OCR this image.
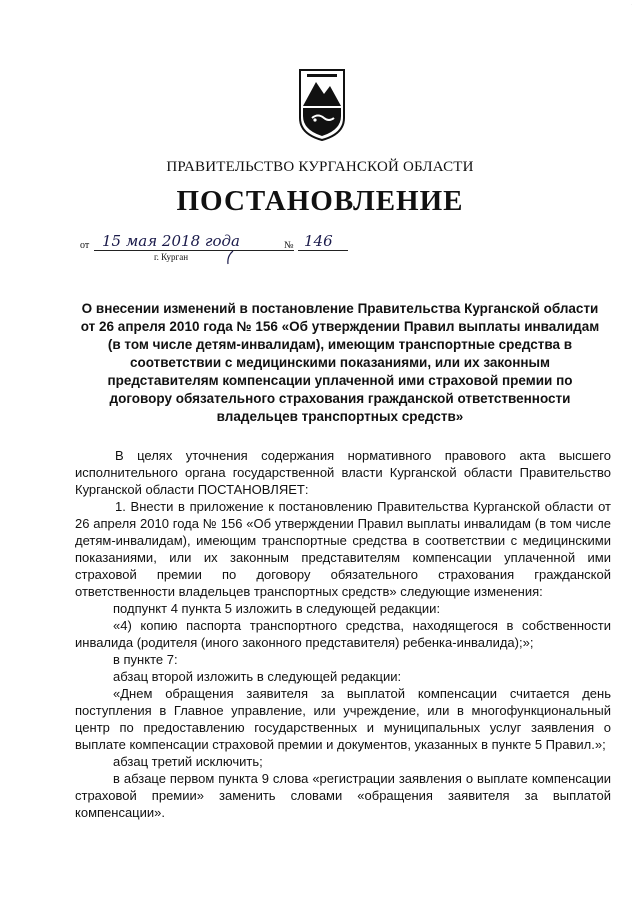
·
ПРАВИТЕЛЬСТВО КУРГАНСКОЙ ОБЛАСТИ
ПОСТАНОВЛЕНИЕ
от 15 мая 2018 года	№ 146
г. Курган
О внесении изменений в постановление Правительства Курганской области от 26 апреля 2010 года № 156 «Об утверждении Правил выплаты инвалидам (в том числе детям-инвалидам), имеющим транспортные средства в соответствии с медицинскими показаниями, или их законным представителям компенсации уплаченной ими страховой премии по договору обязательного страхования гражданской ответственности владельцев транспортных средств»

В целях уточнения содержания нормативного правового акта высшего исполнительного органа государственной власти Курганской области Правительство Курганской области ПОСТАНОВЛЯЕТ:

1. Внести в приложение к постановлению Правительства Курганской области от 26 апреля 2010 года № 156 «Об утверждении Правил выплаты инвалидам (в том числе детям-инвалидам), имеющим транспортные средства в соответствии с медицинскими показаниями, или их законным представителям компенсации уплаченной ими страховой премии по договору обязательного страхования гражданской ответственности владельцев транспортных средств» следующие изменения:

подпункт 4 пункта 5 изложить в следующей редакции:

«4) копию паспорта транспортного средства, находящегося в собственности инвалида (родителя (иного законного представителя) ребенка-инвалида);»;

в пункте 7:

абзац второй изложить в следующей редакции:

«Днем обращения заявителя за выплатой компенсации считается день поступления в Главное управление, или учреждение, или в многофункциональный центр по предоставлению государственных и муниципальных услуг заявления о выплате компенсации страховой премии и документов, указанных в пункте 5 Правил.»;

абзац третий исключить;

в абзаце первом пункта 9 слова «регистрации заявления о выплате компенсации страховой премии» заменить словами «обращения заявителя за выплатой компенсации».
